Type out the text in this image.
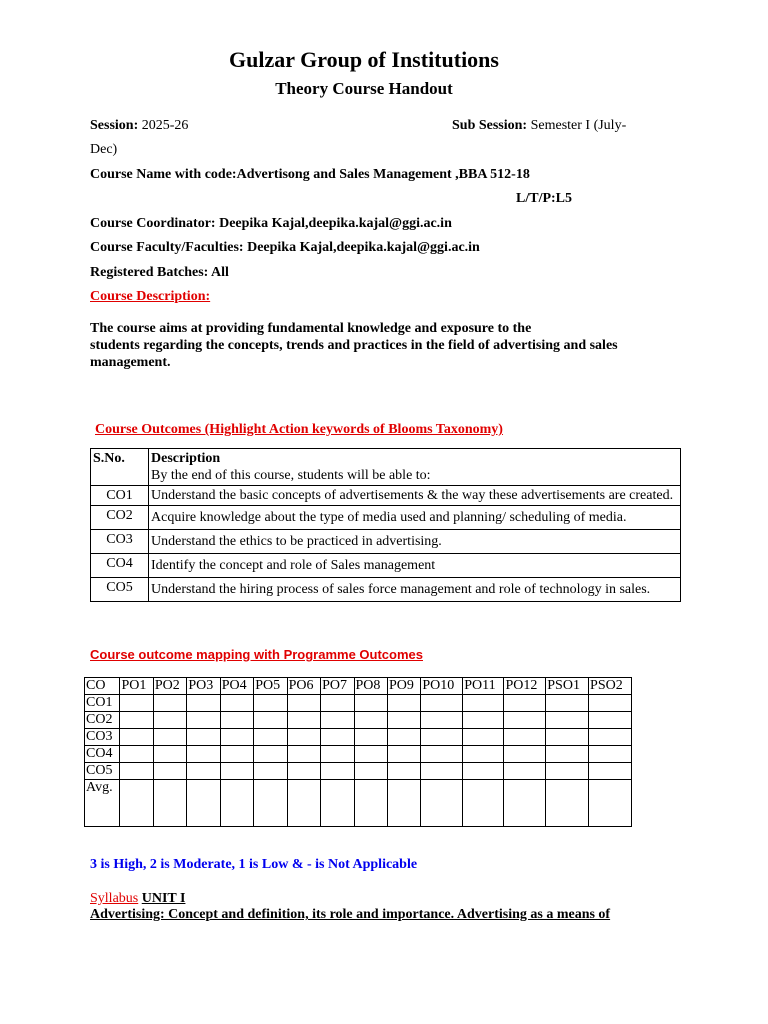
Gulzar Group of Institutions
Theory Course Handout
Session: 2025-26	Sub Session: Semester I (July-
Dec)
Course Name with code:Advertisong and Sales Management ,BBA 512-18
L/T/P:L5
Course Coordinator: Deepika Kajal,deepika.kajal@ggi.ac.in
Course Faculty/Faculties: Deepika Kajal,deepika.kajal@ggi.ac.in
Registered Batches: All
Course Description:
The course aims at providing fundamental knowledge and exposure to the
students regarding the concepts, trends and practices in the field of advertising and sales
management.
Course Outcomes (Highlight Action keywords of Blooms Taxonomy)
S.No.	Description
By the end of this course, students will be able to:

CO1	Understand the basic concepts of advertisements & the way these advertisements are created.
CO2	Acquire knowledge about the type of media used and planning/ scheduling of media.
CO3	Understand the ethics to be practiced in advertising.
CO4	Identify the concept and role of Sales management
CO5	Understand the hiring process of sales force management and role of technology in sales.
Course outcome mapping with Programme Outcomes
CO	PO1	PO2	PO3	PO4	PO5	PO6	PO7	PO8	PO9	PO10	PO11	PO12	PSO1	PSO2
CO1														
CO2														
CO3														
CO4														
CO5														
Avg.														
3 is High, 2 is Moderate, 1 is Low & - is Not Applicable
Syllabus UNIT I
Advertising: Concept and definition, its role and importance. Advertising as a means of
